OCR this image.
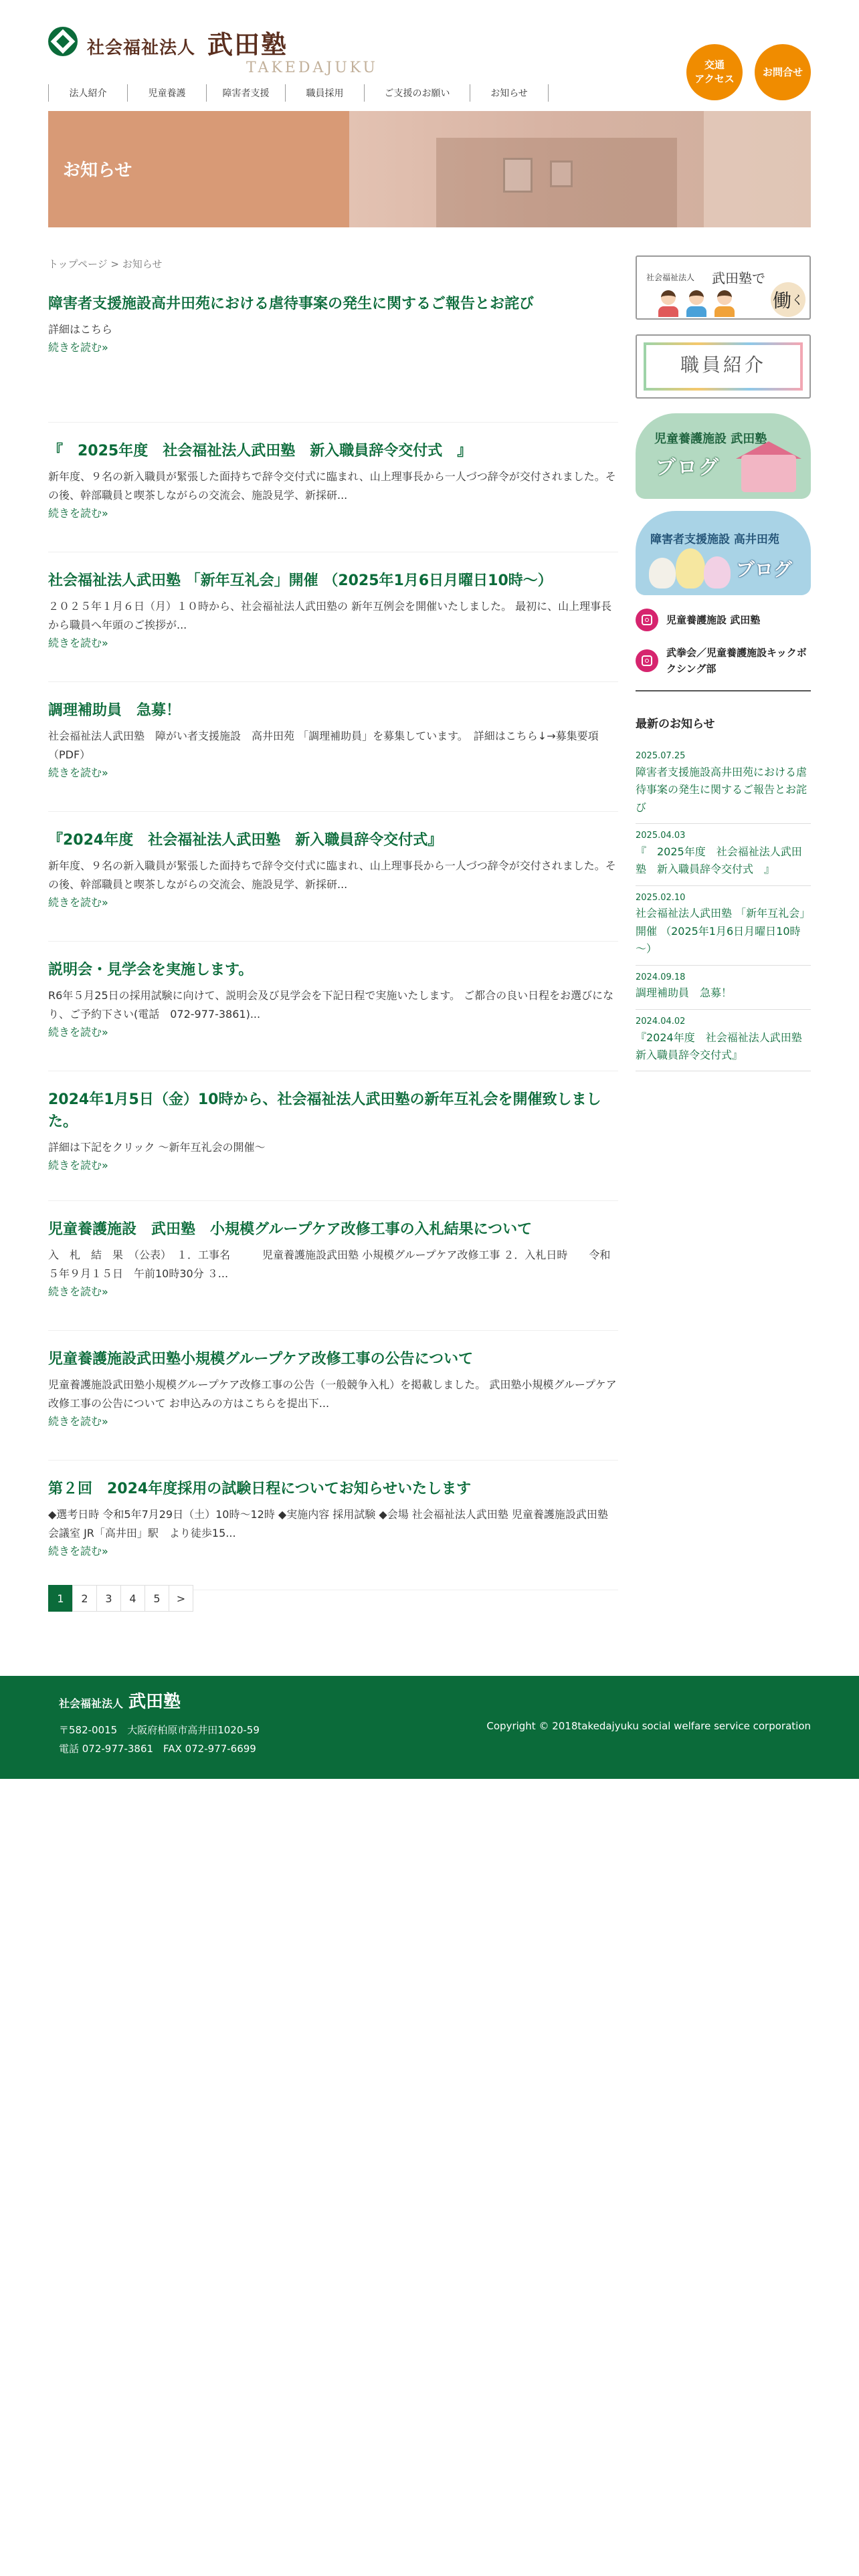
社会福祉法人 武田塾
TAKEDAJUKU	交通
アクセス
お問合せ
法人紹介	児童養護	障害者支援	職員採用	ご支援のお願い	お知らせ
お知らせ
トップページ > お知らせ
障害者支援施設高井田苑における虐待事案の発生に関するご報告とお詫び

詳細はこちら

続きを読む»
『　2025年度　社会福祉法人武田塾　新入職員辞令交付式　』

新年度、９名の新入職員が緊張した面持ちで辞令交付式に臨まれ、山上理事長から一人づつ辞令が交付されました。その後、幹部職員と喫茶しながらの交流会、施設見学、新採研...

続きを読む»
社会福祉法人武田塾 「新年互礼会」開催 （2025年1月6日月曜日10時～）

２０２５年１月６日（月）１０時から、社会福祉法人武田塾の 新年互例会を開催いたしました。 最初に、山上理事長から職員へ年頭のご挨拶が...

続きを読む»
調理補助員　急募！

社会福祉法人武田塾　障がい者支援施設　高井田苑 「調理補助員」を募集しています。　詳細はこちら↓→募集要項（PDF）

続きを読む»
『2024年度　社会福祉法人武田塾　新入職員辞令交付式』

新年度、９名の新入職員が緊張した面持ちで辞令交付式に臨まれ、山上理事長から一人づつ辞令が交付されました。その後、幹部職員と喫茶しながらの交流会、施設見学、新採研...

続きを読む»
説明会・見学会を実施します。

R6年５月25日の採用試験に向けて、説明会及び見学会を下記日程で実施いたします。 ご都合の良い日程をお選びになり、ご予約下さい(電話　072-977-3861)...

続きを読む»
2024年1月5日（金）10時から、社会福祉法人武田塾の新年互礼会を開催致しました。

詳細は下記をクリック 〜新年互礼会の開催〜

続きを読む»
児童養護施設　武田塾　小規模グループケア改修工事の入札結果について

入　札　結　果　（公表）　１．工事名　　　児童養護施設武田塾 小規模グループケア改修工事 ２．入札日時　　令和５年９月１５日　午前10時30分 ３...

続きを読む»
児童養護施設武田塾小規模グループケア改修工事の公告について

児童養護施設武田塾小規模グループケア改修工事の公告（一般競争入札）を掲載しました。 武田塾小規模グループケア改修工事の公告について お申込みの方はこちらを提出下...

続きを読む»
第２回　2024年度採用の試験日程についてお知らせいたします

◆選考日時 令和5年7月29日（土）10時〜12時 ◆実施内容 採用試験 ◆会場 社会福祉法人武田塾 児童養護施設武田塾　会議室 JR「高井田」駅　より徒歩15...

続きを読む»
1	2	3	4	5	>
社会福祉法人 武田塾で
働 く
職員紹介
児童養護施設 武田塾
ブログ
障害者支援施設 高井田苑
ブログ
児童養護施設 武田塾
武拳会／児童養護施設キックボクシング部
最新のお知らせ
2025.07.25
障害者支援施設高井田苑における虐待事案の発生に関するご報告とお詫び
2025.04.03
『　2025年度　社会福祉法人武田塾　新入職員辞令交付式　』
2025.02.10
社会福祉法人武田塾 「新年互礼会」開催 （2025年1月6日月曜日10時～）
2024.09.18
調理補助員　急募！
2024.04.02
『2024年度　社会福祉法人武田塾　新入職員辞令交付式』
社会福祉法人 武田塾
〒582-0015　大阪府柏原市高井田1020-59
電話 072-977-3861　FAX 072-977-6699
Copyright © 2018takedajyuku social welfare service corporation
